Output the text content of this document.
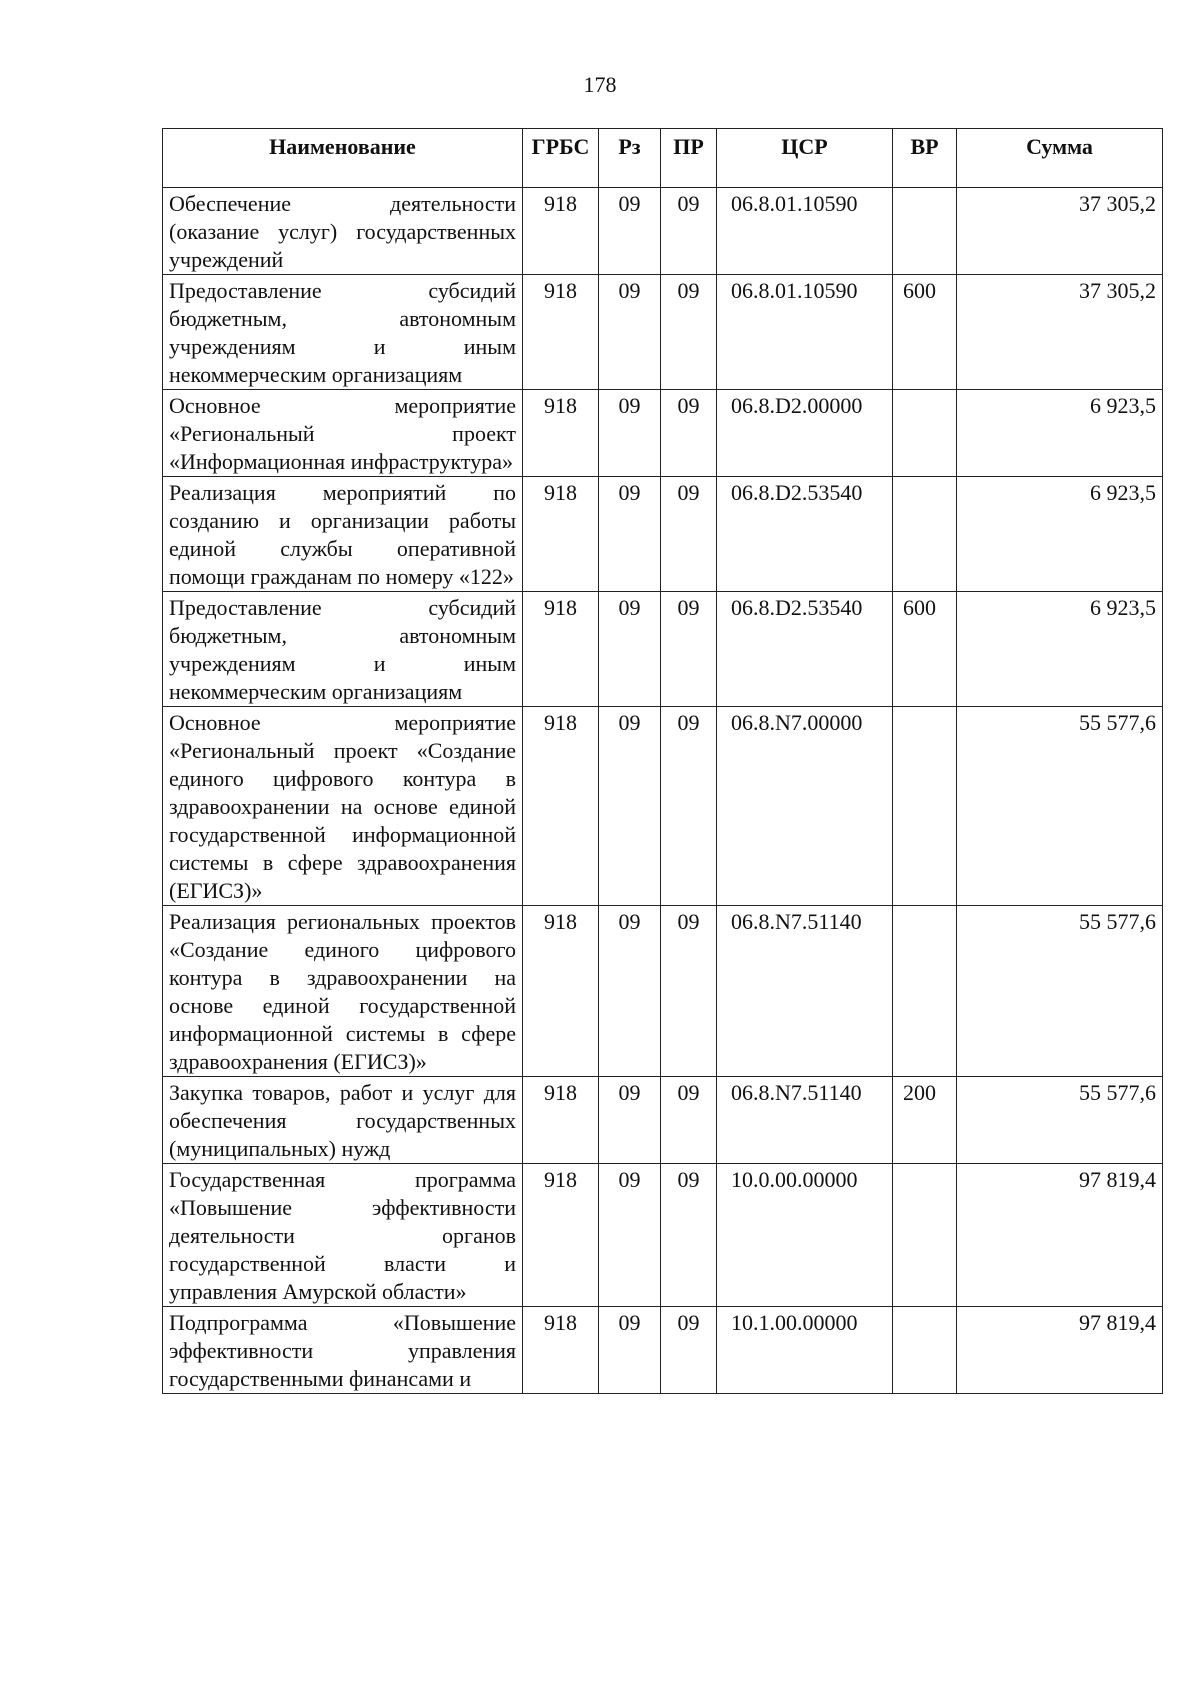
178
Наименование	ГРБС	Рз	ПР	ЦСР	ВР	Сумма
Обеспечение деятельности (оказание услуг) государственных учреждений	918	09	09	06.8.01.10590		37 305,2
Предоставление субсидий бюджетным, автономным учреждениям и иным некоммерческим организациям	918	09	09	06.8.01.10590	600	37 305,2
Основное мероприятие «Региональный проект «Информационная инфраструктура»	918	09	09	06.8.D2.00000		6 923,5
Реализация мероприятий по созданию и организации работы единой службы оперативной помощи гражданам по номеру «122»	918	09	09	06.8.D2.53540		6 923,5
Предоставление субсидий бюджетным, автономным учреждениям и иным некоммерческим организациям	918	09	09	06.8.D2.53540	600	6 923,5
Основное мероприятие «Региональный проект «Создание единого цифрового контура в здравоохранении на основе единой государственной информационной системы в сфере здравоохранения (ЕГИСЗ)»	918	09	09	06.8.N7.00000		55 577,6
Реализация региональных проектов «Создание единого цифрового контура в здравоохранении на основе единой государственной информационной системы в сфере здравоохранения (ЕГИСЗ)»	918	09	09	06.8.N7.51140		55 577,6
Закупка товаров, работ и услуг для обеспечения государственных (муниципальных) нужд	918	09	09	06.8.N7.51140	200	55 577,6
Государственная программа «Повышение эффективности деятельности органов государственной власти и управления Амурской области»	918	09	09	10.0.00.00000		97 819,4
Подпрограмма «Повышение эффективности управления государственными финансами и	918	09	09	10.1.00.00000		97 819,4
